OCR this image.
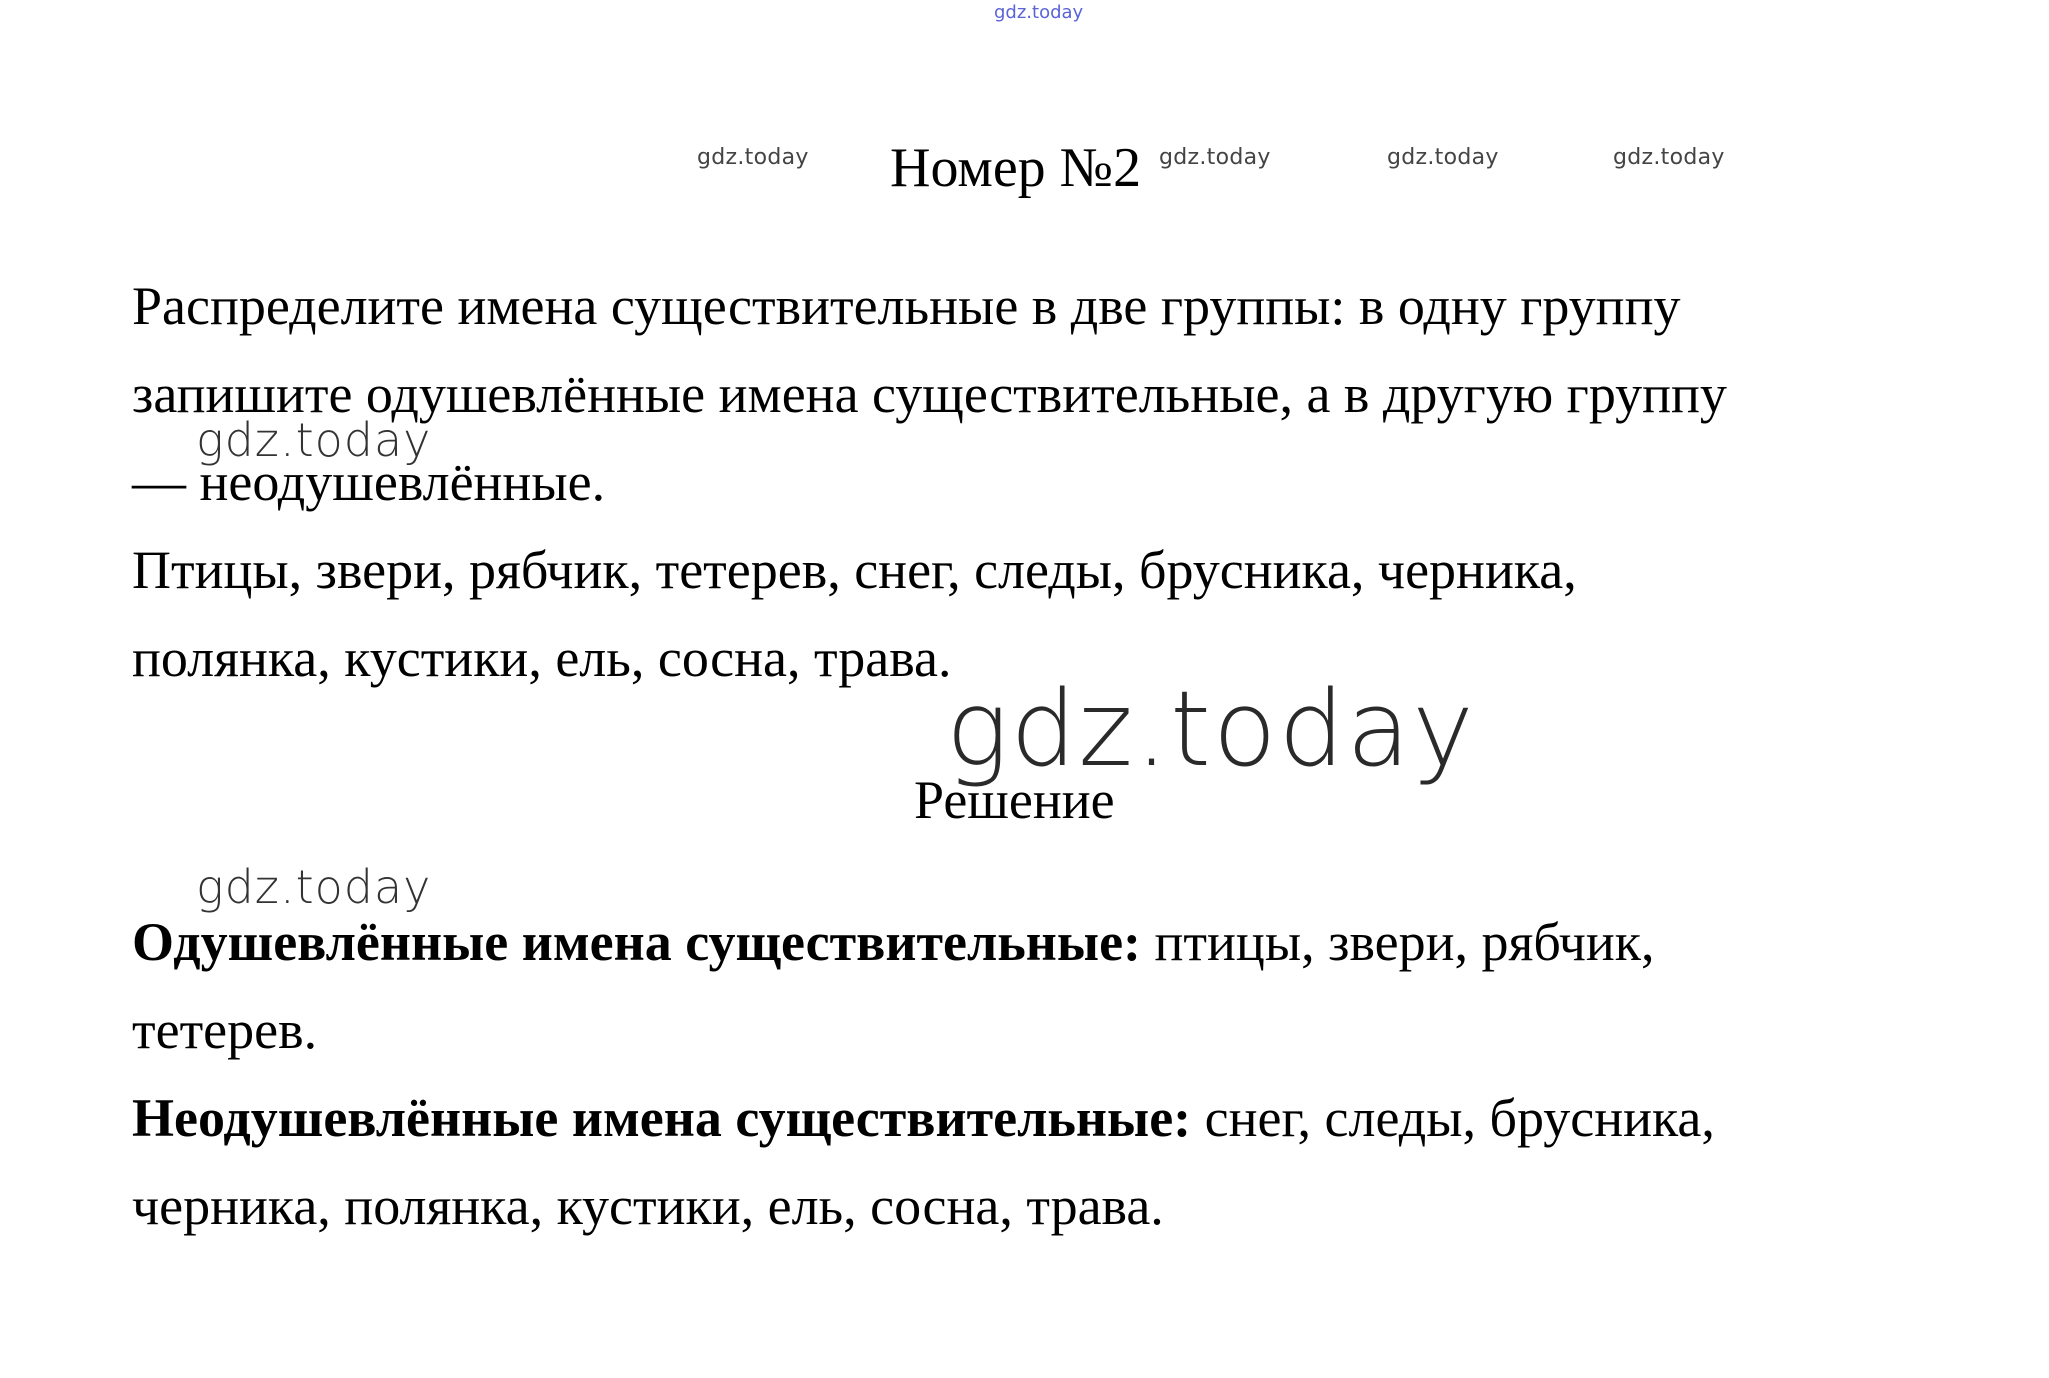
gdz.today
gdz.today	gdz.today	gdz.today	gdz.today
Номер №2
Распределите имена существительные в две группы: в одну группу
запишите одушевлённые имена существительные, а в другую группу
— неодушевлённые.
Птицы, звери, рябчик, тетерев, снег, следы, брусника, черника,
полянка, кустики, ель, сосна, трава.
gdz.today
gdz.today
Решение
gdz.today
Одушевлённые имена существительные: птицы, звери, рябчик,
тетерев.
Неодушевлённые имена существительные: снег, следы, брусника,
черника, полянка, кустики, ель, сосна, трава.
